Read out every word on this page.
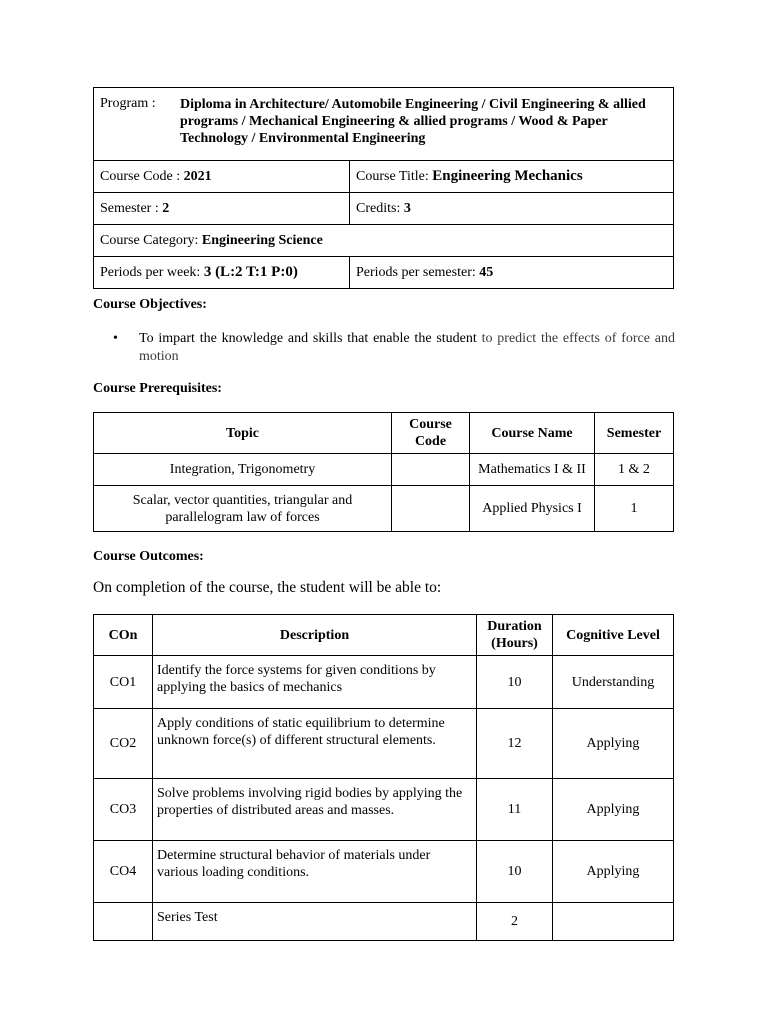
Program : Diploma in Architecture/ Automobile Engineering / Civil Engineering & allied programs / Mechanical Engineering & allied programs / Wood & Paper Technology / Environmental Engineering	

Course Code : 2021	Course Title: Engineering Mechanics
Semester : 2	Credits: 3
Course Category: Engineering Science	
Periods per week: 3 (L:2 T:1 P:0)	Periods per semester: 45
Course Objectives:
•	To impart the knowledge and skills that enable the student to predict the effects of force and motion
Course Prerequisites:
Topic	Course Code	Course Name	Semester
Integration, Trigonometry		Mathematics I & II	1 & 2
Scalar, vector quantities, triangular and parallelogram law of forces		Applied Physics I	1
Course Outcomes:
On completion of the course, the student will be able to:
COn	Description	Duration (Hours)	Cognitive Level
CO1	Identify the force systems for given conditions by applying the basics of mechanics	10	Understanding
CO2	Apply conditions of static equilibrium to determine unknown force(s) of different structural elements.	12	Applying
CO3	Solve problems involving rigid bodies by applying the properties of distributed areas and masses.	11	Applying
CO4	Determine structural behavior of materials under various loading conditions.	10	Applying
	Series Test	2	
